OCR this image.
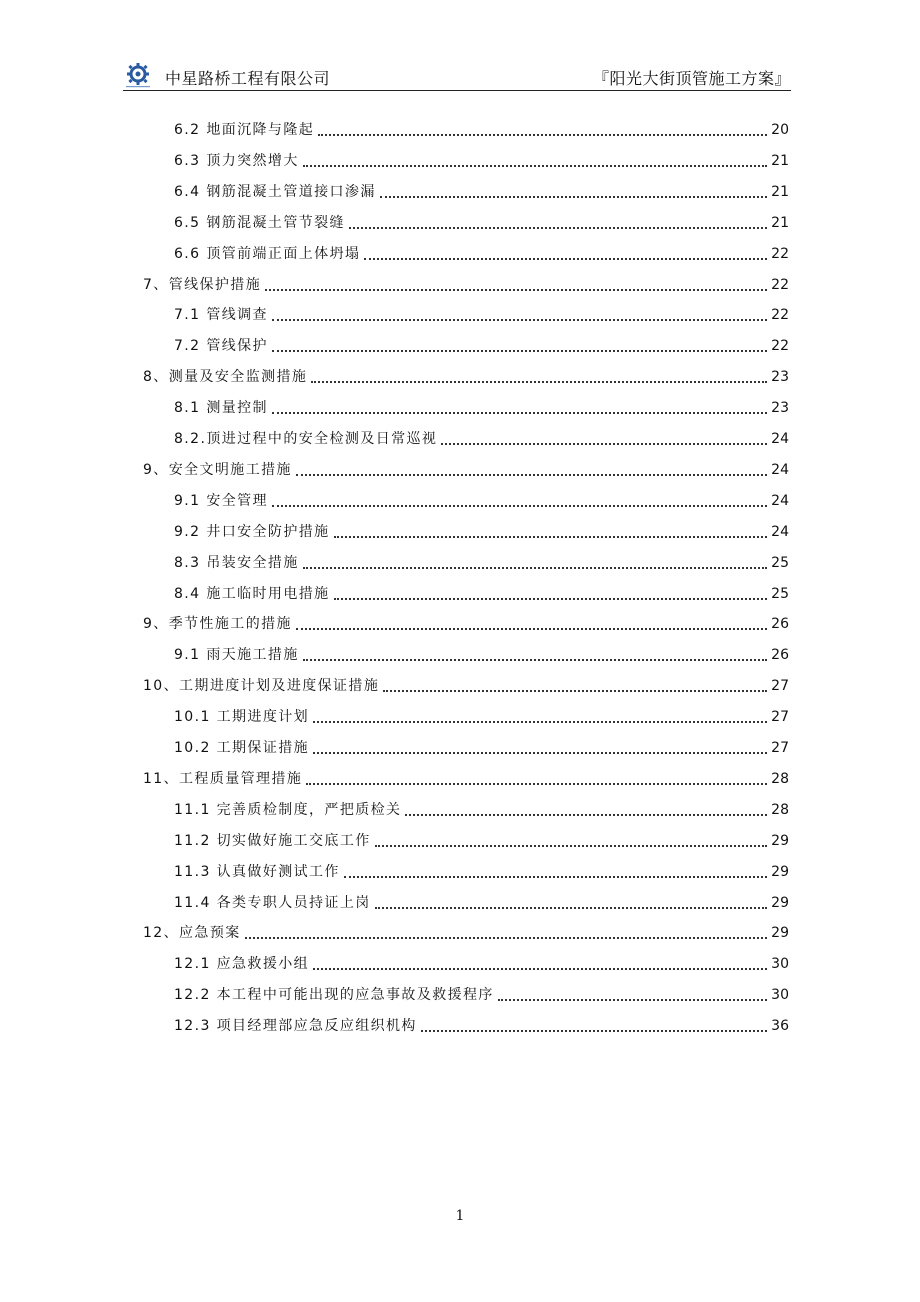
中星路桥工程有限公司	『阳光大街顶管施工方案』
6.2 地面沉降与隆起	20
6.3 顶力突然增大	21
6.4 钢筋混凝土管道接口渗漏	21
6.5 钢筋混凝土管节裂缝	21
6.6 顶管前端正面上体坍塌	22
7、管线保护措施	22
7.1 管线调查	22
7.2 管线保护	22
8、测量及安全监测措施	23
8.1 测量控制	23
8.2.顶进过程中的安全检测及日常巡视	24
9、安全文明施工措施	24
9.1 安全管理	24
9.2 井口安全防护措施	24
8.3 吊装安全措施	25
8.4 施工临时用电措施	25
9、季节性施工的措施	26
9.1 雨天施工措施	26
10、工期进度计划及进度保证措施	27
10.1 工期进度计划	27
10.2 工期保证措施	27
11、工程质量管理措施	28
11.1 完善质检制度，严把质检关	28
11.2 切实做好施工交底工作	29
11.3 认真做好测试工作	29
11.4 各类专职人员持证上岗	29
12、应急预案	29
12.1 应急救援小组	30
12.2 本工程中可能出现的应急事故及救援程序	30
12.3 项目经理部应急反应组织机构	36
1
